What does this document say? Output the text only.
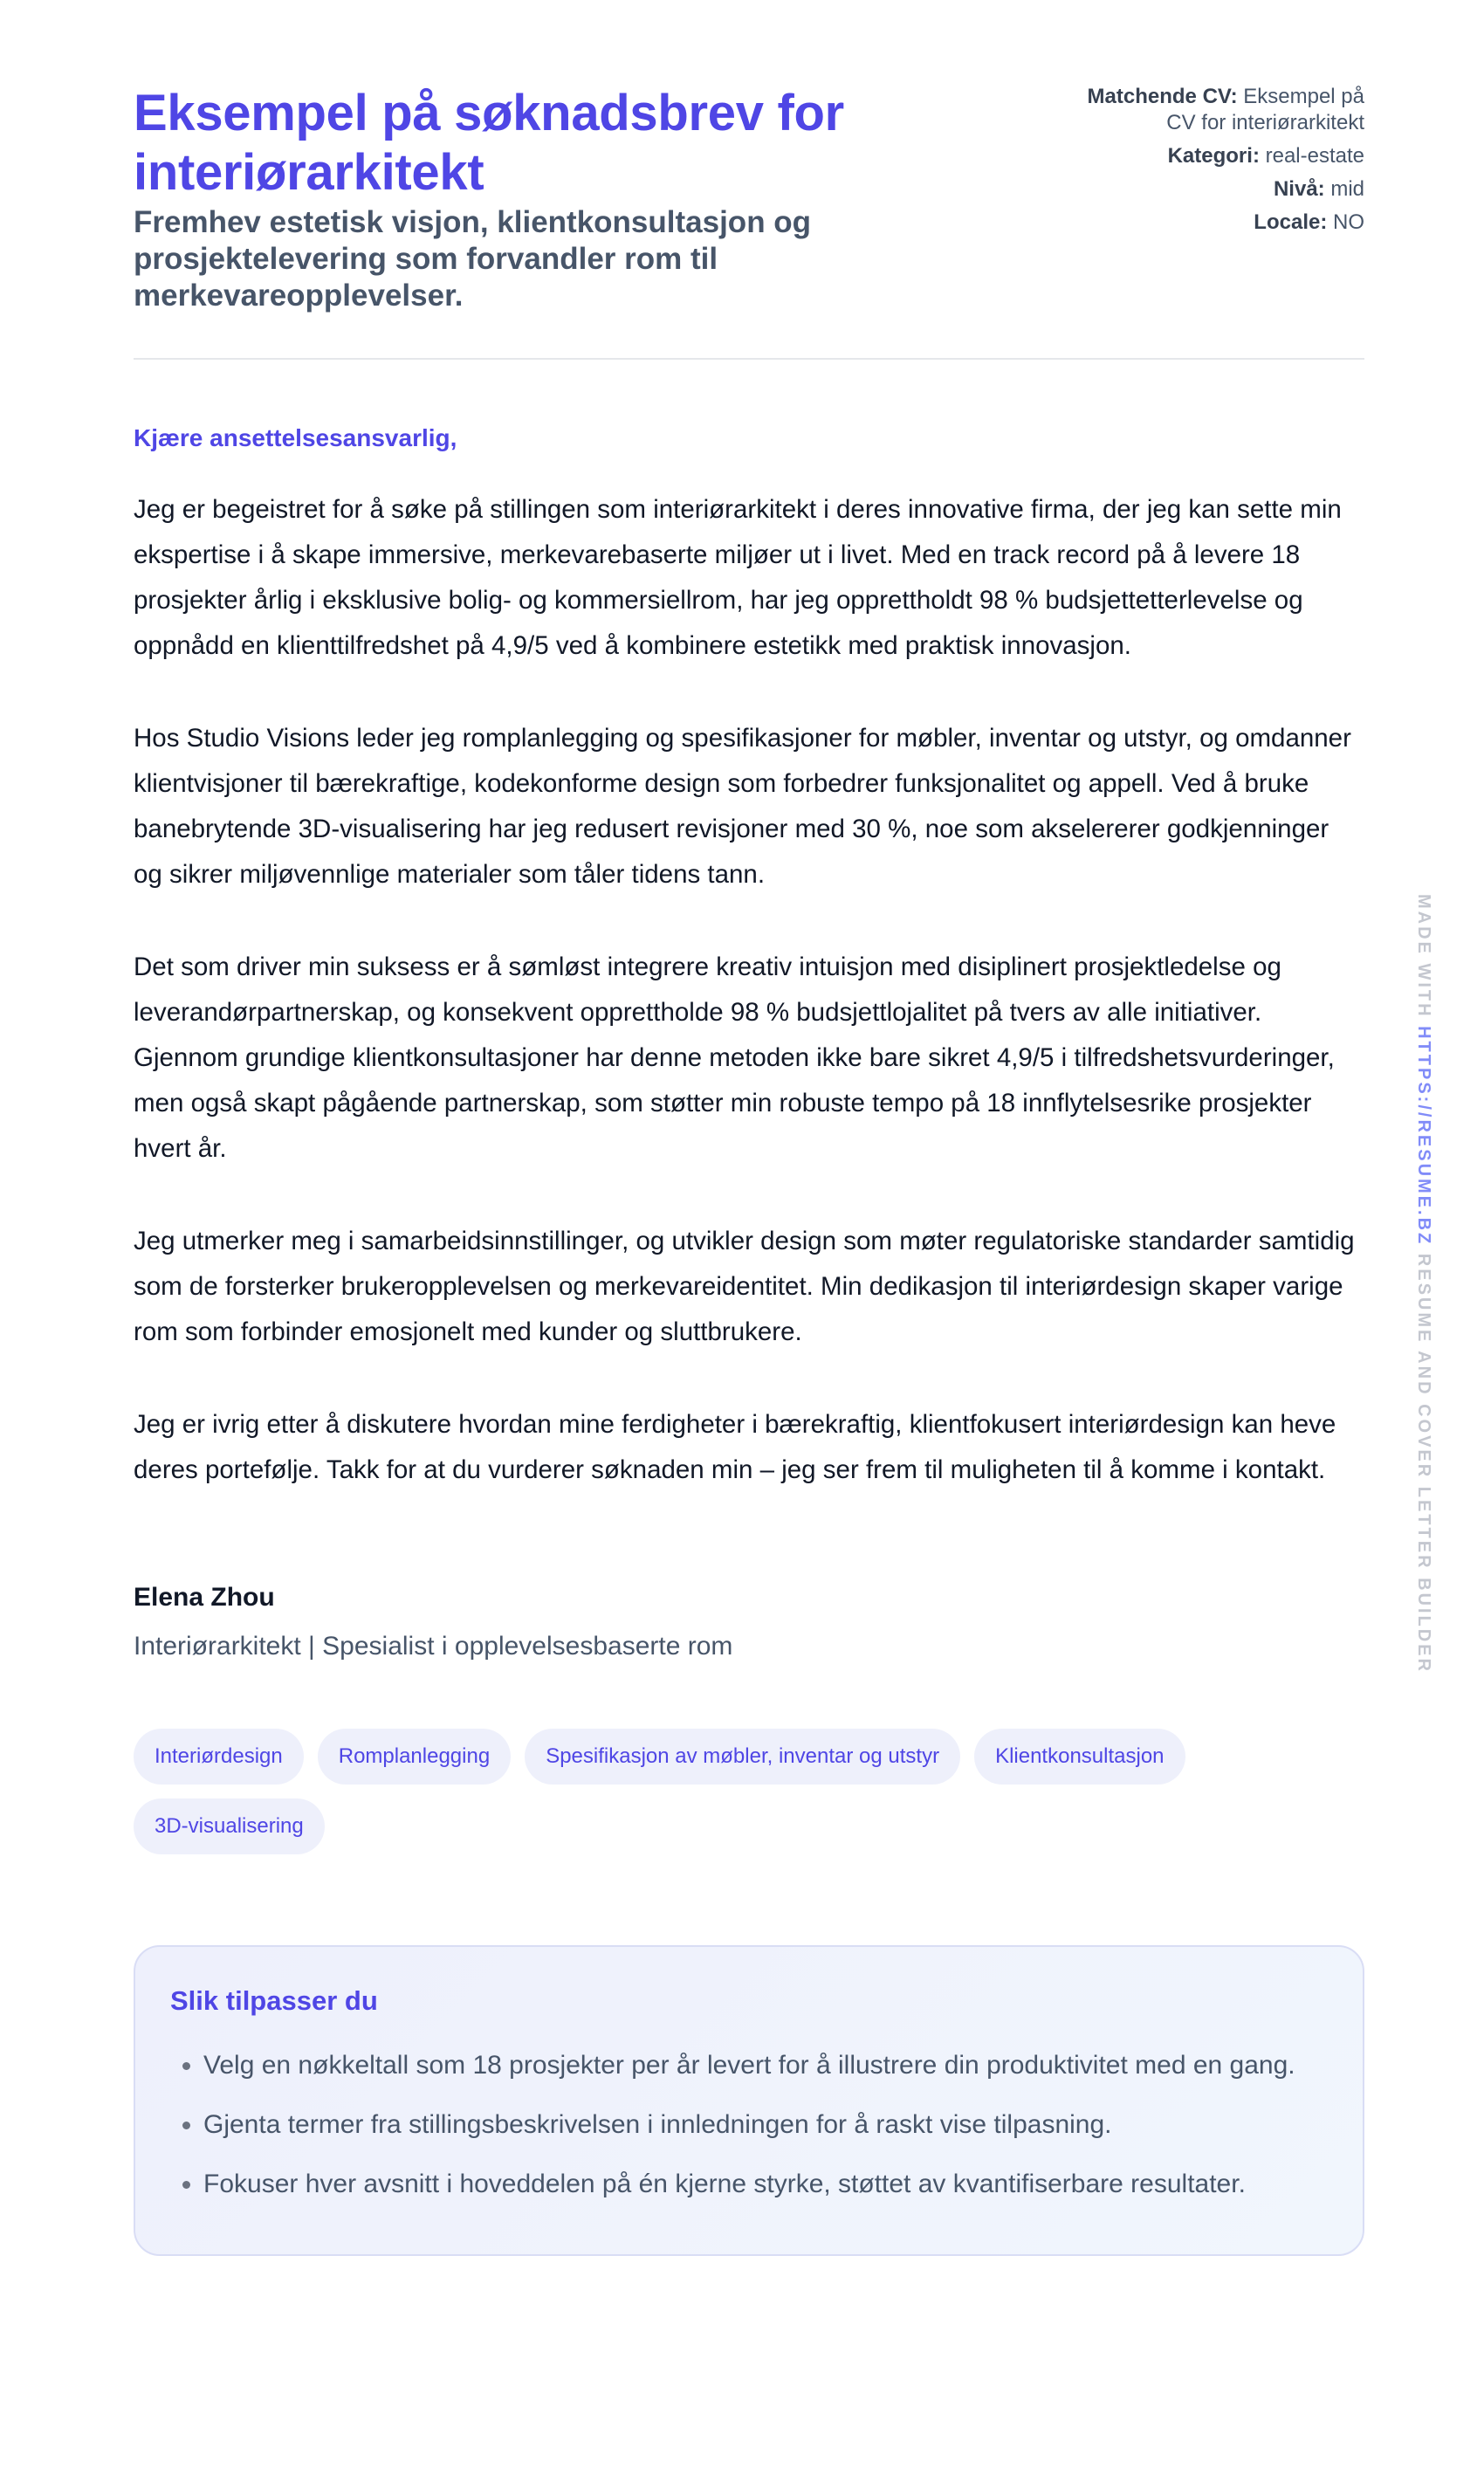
Eksempel på søknadsbrev for interiørarkitekt

Fremhev estetisk visjon, klientkonsultasjon og prosjektelevering som forvandler rom til merkevareopplevelser.

Matchende CV: Eksempel på CV for interiørarkitekt
Kategori: real-estate
Nivå: mid
Locale: NO

Kjære ansettelsesansvarlig,

Jeg er begeistret for å søke på stillingen som interiørarkitekt i deres innovative firma, der jeg kan sette min ekspertise i å skape immersive, merkevarebaserte miljøer ut i livet. Med en track record på å levere 18 prosjekter årlig i eksklusive bolig- og kommersiellrom, har jeg opprettholdt 98 % budsjettetterlevelse og oppnådd en klienttilfredshet på 4,9/5 ved å kombinere estetikk med praktisk innovasjon.

Hos Studio Visions leder jeg romplanlegging og spesifikasjoner for møbler, inventar og utstyr, og omdanner klientvisjoner til bærekraftige, kodekonforme design som forbedrer funksjonalitet og appell. Ved å bruke banebrytende 3D-visualisering har jeg redusert revisjoner med 30 %, noe som akselererer godkjenninger og sikrer miljøvennlige materialer som tåler tidens tann.

Det som driver min suksess er å sømløst integrere kreativ intuisjon med disiplinert prosjektledelse og leverandørpartnerskap, og konsekvent opprettholde 98 % budsjettlojalitet på tvers av alle initiativer. Gjennom grundige klientkonsultasjoner har denne metoden ikke bare sikret 4,9/5 i tilfredshetsvurderinger, men også skapt pågående partnerskap, som støtter min robuste tempo på 18 innflytelsesrike prosjekter hvert år.

Jeg utmerker meg i samarbeidsinnstillinger, og utvikler design som møter regulatoriske standarder samtidig som de forsterker brukeropplevelsen og merkevareidentitet. Min dedikasjon til interiørdesign skaper varige rom som forbinder emosjonelt med kunder og sluttbrukere.

Jeg er ivrig etter å diskutere hvordan mine ferdigheter i bærekraftig, klientfokusert interiørdesign kan heve deres portefølje. Takk for at du vurderer søknaden min – jeg ser frem til muligheten til å komme i kontakt.

Elena Zhou

Interiørarkitekt | Spesialist i opplevelsesbaserte rom

Interiørdesign	Romplanlegging	Spesifikasjon av møbler, inventar og utstyr	Klientkonsultasjon
3D-visualisering
Slik tilpasser du
• Velg en nøkkeltall som 18 prosjekter per år levert for å illustrere din produktivitet med en gang.
• Gjenta termer fra stillingsbeskrivelsen i innledningen for å raskt vise tilpasning.
• Fokuser hver avsnitt i hoveddelen på én kjerne styrke, støttet av kvantifiserbare resultater.
MADE WITH HTTPS://RESUME.BZ RESUME AND COVER LETTER BUILDER
